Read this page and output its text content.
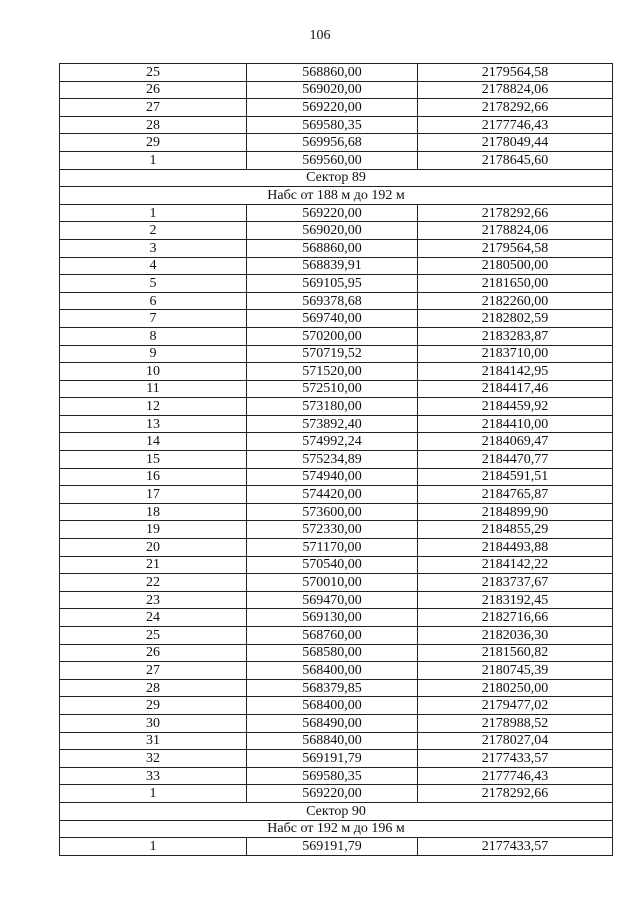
106
25	568860,00	2179564,58
26	569020,00	2178824,06
27	569220,00	2178292,66
28	569580,35	2177746,43
29	569956,68	2178049,44
1	569560,00	2178645,60
Сектор 89		
Набс от 188 м до 192 м		
1	569220,00	2178292,66
2	569020,00	2178824,06
3	568860,00	2179564,58
4	568839,91	2180500,00
5	569105,95	2181650,00
6	569378,68	2182260,00
7	569740,00	2182802,59
8	570200,00	2183283,87
9	570719,52	2183710,00
10	571520,00	2184142,95
11	572510,00	2184417,46
12	573180,00	2184459,92
13	573892,40	2184410,00
14	574992,24	2184069,47
15	575234,89	2184470,77
16	574940,00	2184591,51
17	574420,00	2184765,87
18	573600,00	2184899,90
19	572330,00	2184855,29
20	571170,00	2184493,88
21	570540,00	2184142,22
22	570010,00	2183737,67
23	569470,00	2183192,45
24	569130,00	2182716,66
25	568760,00	2182036,30
26	568580,00	2181560,82
27	568400,00	2180745,39
28	568379,85	2180250,00
29	568400,00	2179477,02
30	568490,00	2178988,52
31	568840,00	2178027,04
32	569191,79	2177433,57
33	569580,35	2177746,43
1	569220,00	2178292,66
Сектор 90		
Набс от 192 м до 196 м		
1	569191,79	2177433,57
